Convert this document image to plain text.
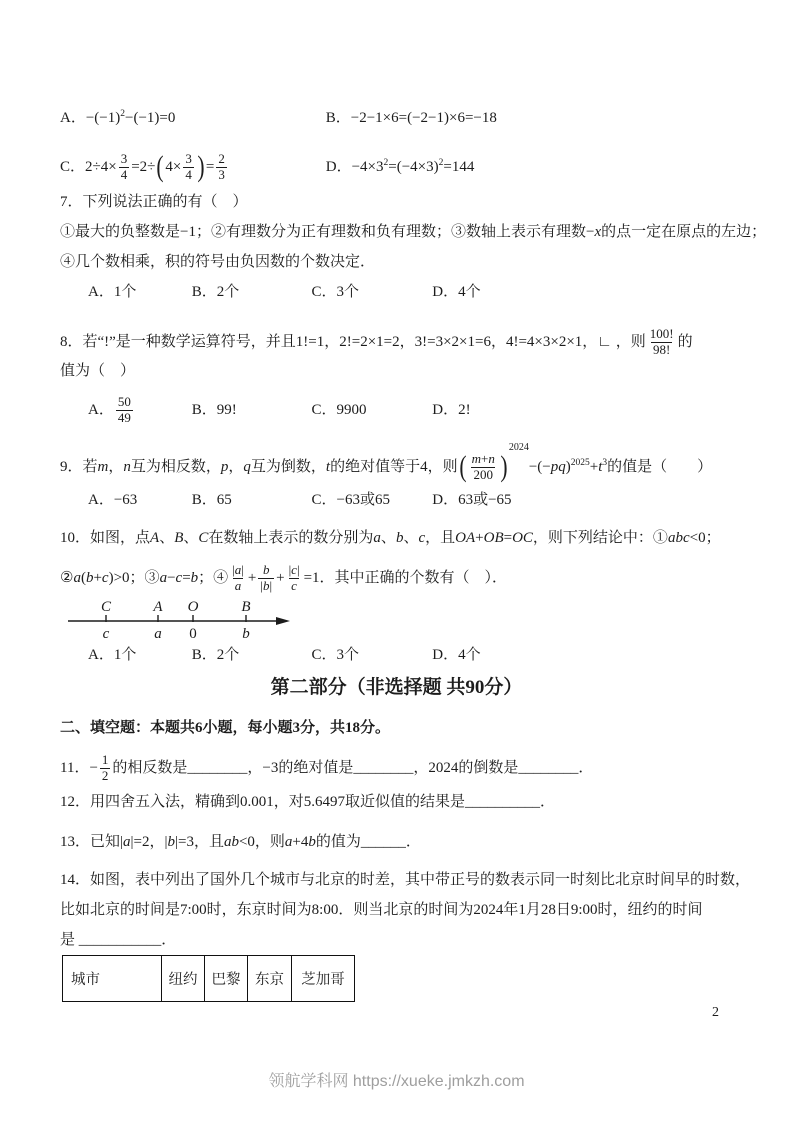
A．$-(-1)^2-(-1)=0$	B．−2−1×6=(−2−1)×6=−18
C．$2\div 4\times \frac{3}{4} =2\div(4\times \frac{3}{4}$ )= $\frac{2}{3}$	D．$-4\times 3^2=(-4\times 3)^2=144$
7．下列说法正确的有（　）
①最大的负整数是−1；②有理数分为正有理数和负有理数；③数轴上表示有理数−x的点一定在原点的左边；
④几个数相乘，积的符号由负因数的个数决定．
A．1个	B．2个	C．3个	D．4个
8．若“!”是一种数学运算符号，并且1!=1，2!=2×1=2，3!=3×2×1=6，4!=4×3×2×1，∟ ，则 $\frac{100!}{98!}$ 的
值为（　）
A． $\frac{50}{49}$	B．99!	C．9900	D．2!
9．若m，n互为相反数，p，q互为倒数，t的绝对值等于4，则( $\frac{m+n}{200} )^{2024}-(-pq)^{2025}+t^3$的值是（　　）
A．−63	B．65	C．−63或65	D．63或−65
10．如图，点A、B、C在数轴上表示的数分别为a、b、c，且OA+OB=OC，则下列结论中：①abc<0；
②a(b+c)>0；③a−c=b；④ $\frac{|a|}{a} + \frac{b}{|b|} + \frac{|c|}{c} =1$．其中正确的个数有（　）．
C	A O	B
c	a 0	b
A．1个	B．2个	C．3个	D．4个
第二部分（非选择题 共90分）
二、填空题：本题共6小题，每小题3分，共18分。
11．− $\frac{1}{2}$ 的相反数是________，−3的绝对值是________，2024的倒数是________．
12．用四舍五入法，精确到0.001，对5.6497取近似值的结果是__________．
13．已知|a|=2，|b|=3，且ab<0，则a+4b的值为______．
14．如图，表中列出了国外几个城市与北京的时差，其中带正号的数表示同一时刻比北京时间早的时数，
比如北京的时间是7:00时，东京时间为8:00．则当北京的时间为2024年1月28日9:00时，纽约的时间
是 ___________．
城市	纽约 巴黎	东京	芝加哥
2
领航学科网 https://xueke.jmkzh.com
